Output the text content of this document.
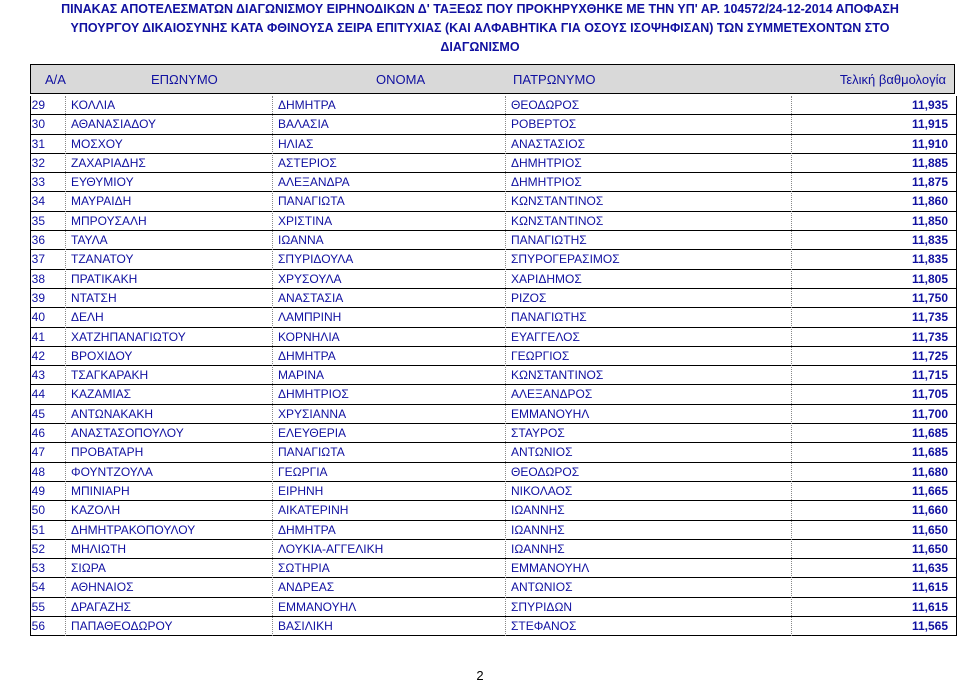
ΠΙΝΑΚΑΣ ΑΠΟΤΕΛΕΣΜΑΤΩΝ ΔΙΑΓΩΝΙΣΜΟΥ ΕΙΡΗΝΟΔΙΚΩΝ Δ' ΤΑΞΕΩΣ ΠΟΥ ΠΡΟΚΗΡΥΧΘΗΚΕ ΜΕ ΤΗΝ ΥΠ' ΑΡ. 104572/24-12-2014 ΑΠΟΦΑΣΗ
ΥΠΟΥΡΓΟΥ ΔΙΚΑΙΟΣΥΝΗΣ ΚΑΤΑ ΦΘΙΝΟΥΣΑ ΣΕΙΡΑ ΕΠΙΤΥΧΙΑΣ (ΚΑΙ ΑΛΦΑΒΗΤΙΚΑ ΓΙΑ ΟΣΟΥΣ ΙΣΟΨΗΦΙΣΑΝ) ΤΩΝ ΣΥΜΜΕΤΕΧΟΝΤΩΝ ΣΤΟ
ΔΙΑΓΩΝΙΣΜΟ
Α/Α	ΕΠΩΝΥΜΟ	ΟΝΟΜΑ	ΠΑΤΡΩΝΥΜΟ	Τελική βαθμολογία
29 ΚΟΛΛΙΑ	ΔΗΜΗΤΡΑ	ΘΕΟΔΩΡΟΣ	11,935
30 ΑΘΑΝΑΣΙΑΔΟΥ	ΒΑΛΑΣΙΑ	ΡΟΒΕΡΤΟΣ	11,915
31 ΜΟΣΧΟΥ	ΗΛΙΑΣ	ΑΝΑΣΤΑΣΙΟΣ	11,910
32 ΖΑΧΑΡΙΑΔΗΣ	ΑΣΤΕΡΙΟΣ	ΔΗΜΗΤΡΙΟΣ	11,885
33 ΕΥΘΥΜΙΟΥ	ΑΛΕΞΑΝΔΡΑ	ΔΗΜΗΤΡΙΟΣ	11,875
34 ΜΑΥΡΑΙΔΗ	ΠΑΝΑΓΙΩΤΑ	ΚΩΝΣΤΑΝΤΙΝΟΣ	11,860
35 ΜΠΡΟΥΣΑΛΗ	ΧΡΙΣΤΙΝΑ	ΚΩΝΣΤΑΝΤΙΝΟΣ	11,850
36 ΤΑΥΛΑ	ΙΩΑΝΝΑ	ΠΑΝΑΓΙΩΤΗΣ	11,835
37 ΤΖΑΝΑΤΟΥ	ΣΠΥΡΙΔΟΥΛΑ	ΣΠΥΡΟΓΕΡΑΣΙΜΟΣ	11,835
38 ΠΡΑΤΙΚΑΚΗ	ΧΡΥΣΟΥΛΑ	ΧΑΡΙΔΗΜΟΣ	11,805
39 ΝΤΑΤΣΗ	ΑΝΑΣΤΑΣΙΑ	ΡΙΖΟΣ	11,750
40 ΔΕΛΗ	ΛΑΜΠΡΙΝΗ	ΠΑΝΑΓΙΩΤΗΣ	11,735
41 ΧΑΤΖΗΠΑΝΑΓΙΩΤΟΥ	ΚΟΡΝΗΛΙΑ	ΕΥΑΓΓΕΛΟΣ	11,735
42 ΒΡΟΧΙΔΟΥ	ΔΗΜΗΤΡΑ	ΓΕΩΡΓΙΟΣ	11,725
43 ΤΣΑΓΚΑΡΑΚΗ	ΜΑΡΙΝΑ	ΚΩΝΣΤΑΝΤΙΝΟΣ	11,715
44 ΚΑΖΑΜΙΑΣ	ΔΗΜΗΤΡΙΟΣ	ΑΛΕΞΑΝΔΡΟΣ	11,705
45 ΑΝΤΩΝΑΚΑΚΗ	ΧΡΥΣΙΑΝΝΑ	ΕΜΜΑΝΟΥΗΛ	11,700
46 ΑΝΑΣΤΑΣΟΠΟΥΛΟΥ	ΕΛΕΥΘΕΡΙΑ	ΣΤΑΥΡΟΣ	11,685
47 ΠΡΟΒΑΤΑΡΗ	ΠΑΝΑΓΙΩΤΑ	ΑΝΤΩΝΙΟΣ	11,685
48 ΦΟΥΝΤΖΟΥΛΑ	ΓΕΩΡΓΙΑ	ΘΕΟΔΩΡΟΣ	11,680
49 ΜΠΙΝΙΑΡΗ	ΕΙΡΗΝΗ	ΝΙΚΟΛΑΟΣ	11,665
50 ΚΑΖΟΛΗ	ΑΙΚΑΤΕΡΙΝΗ	ΙΩΑΝΝΗΣ	11,660
51 ΔΗΜΗΤΡΑΚΟΠΟΥΛΟΥ	ΔΗΜΗΤΡΑ	ΙΩΑΝΝΗΣ	11,650
52 ΜΗΛΙΩΤΗ	ΛΟΥΚΙΑ-ΑΓΓΕΛΙΚΗ	ΙΩΑΝΝΗΣ	11,650
53 ΣΙΩΡΑ	ΣΩΤΗΡΙΑ	ΕΜΜΑΝΟΥΗΛ	11,635
54 ΑΘΗΝΑΙΟΣ	ΑΝΔΡΕΑΣ	ΑΝΤΩΝΙΟΣ	11,615
55 ΔΡΑΓΑΖΗΣ	ΕΜΜΑΝΟΥΗΛ	ΣΠΥΡΙΔΩΝ	11,615
56 ΠΑΠΑΘΕΟΔΩΡΟΥ	ΒΑΣΙΛΙΚΗ	ΣΤΕΦΑΝΟΣ	11,565
2
